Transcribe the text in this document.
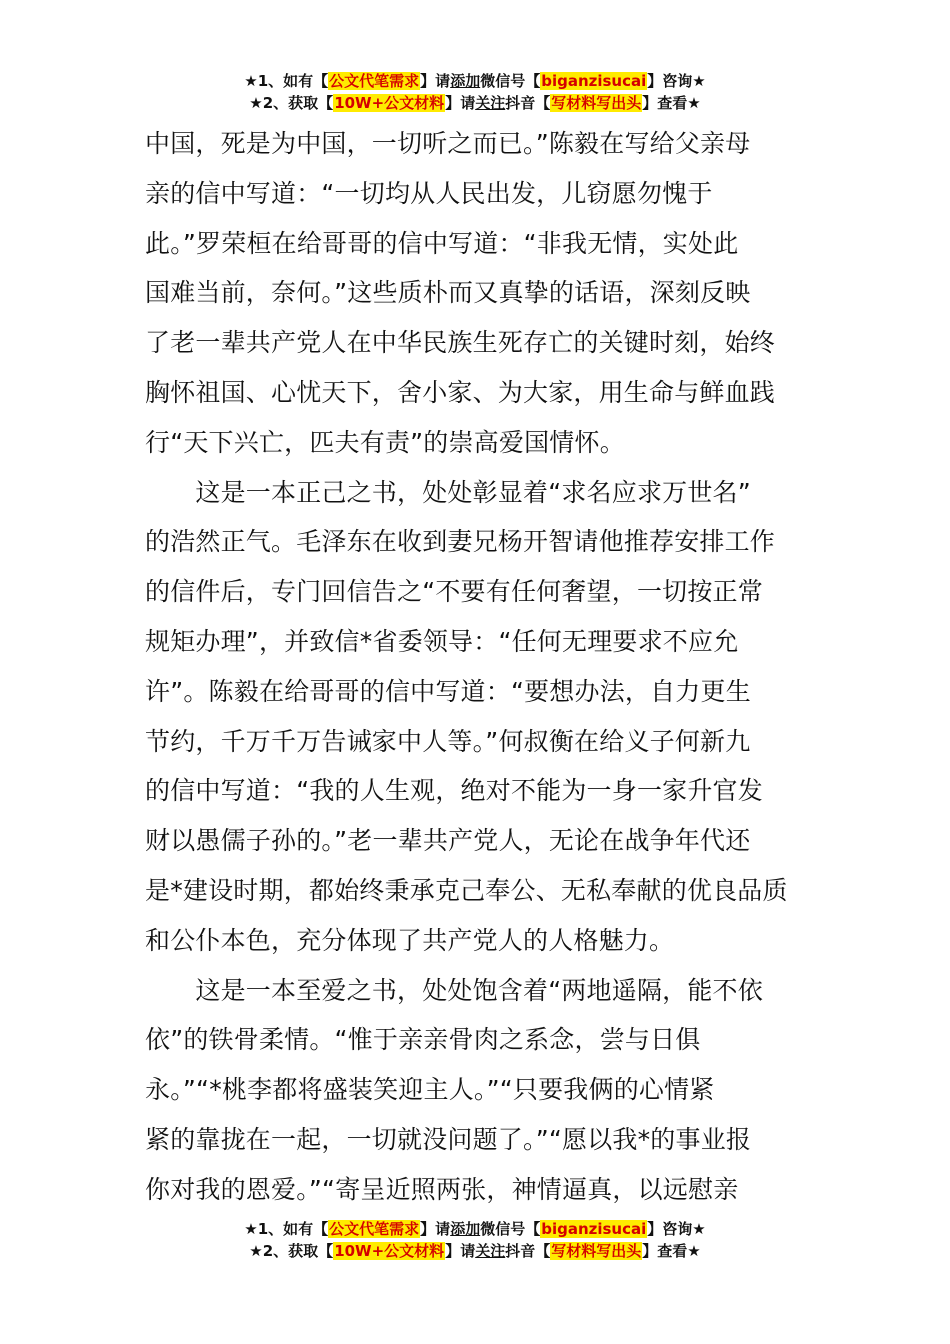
★1、如有【公文代笔需求】请添加微信号【biganzisucai】咨询★
★2、获取【10W+公文材料】请关注抖音【写材料写出头】查看★

中国，死是为中国，一切听之而已。”陈毅在写给父亲母

亲的信中写道：“一切均从人民出发，儿窃愿勿愧于

此。”罗荣桓在给哥哥的信中写道：“非我无情，实处此

国难当前，奈何。”这些质朴而又真挚的话语，深刻反映

了老一辈共产党人在中华民族生死存亡的关键时刻，始终

胸怀祖国、心忧天下，舍小家、为大家，用生命与鲜血践

行“天下兴亡，匹夫有责”的崇高爱国情怀。

　　这是一本正己之书，处处彰显着“求名应求万世名”

的浩然正气。毛泽东在收到妻兄杨开智请他推荐安排工作

的信件后，专门回信告之“不要有任何奢望，一切按正常

规矩办理”，并致信*省委领导：“任何无理要求不应允

许”。陈毅在给哥哥的信中写道：“要想办法，自力更生

节约，千万千万告诫家中人等。”何叔衡在给义子何新九

的信中写道：“我的人生观，绝对不能为一身一家升官发

财以愚儒子孙的。”老一辈共产党人，无论在战争年代还

是*建设时期，都始终秉承克己奉公、无私奉献的优良品质

和公仆本色，充分体现了共产党人的人格魅力。

　　这是一本至爱之书，处处饱含着“两地遥隔，能不依

依”的铁骨柔情。“惟于亲亲骨肉之系念，尝与日俱

永。”“*桃李都将盛装笑迎主人。”“只要我俩的心情紧

紧的靠拢在一起，一切就没问题了。”“愿以我*的事业报

你对我的恩爱。”“寄呈近照两张，神情逼真，以远慰亲

★1、如有【公文代笔需求】请添加微信号【biganzisucai】咨询★
★2、获取【10W+公文材料】请关注抖音【写材料写出头】查看★
